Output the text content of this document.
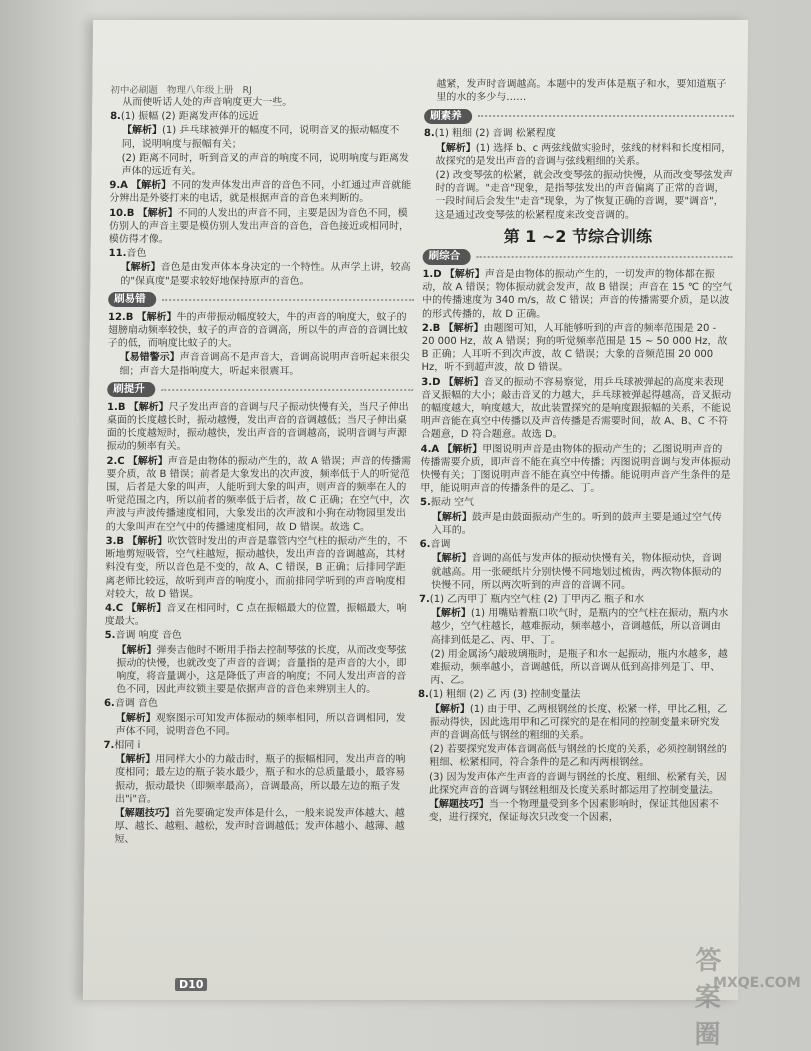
初中必刷题 物理八年级上册 RJ
从而使听话人处的声音响度更大一些。
8.(1) 振幅 (2) 距离发声体的远近
【解析】(1) 乒乓球被弹开的幅度不同，说明音叉的振动幅度不同，说明响度与振幅有关；
(2) 距离不同时，听到音叉的声音的响度不同，说明响度与距离发声体的远近有关。
9.A 【解析】不同的发声体发出声音的音色不同，小红通过声音就能分辨出是外婆打来的电话，就是根据声音的音色来判断的。
10.B 【解析】不同的人发出的声音不同，主要是因为音色不同，模仿别人的声音主要是模仿别人发出声音的音色，音色接近或相同时，模仿得才像。
11.音色
【解析】音色是由发声体本身决定的一个特性。从声学上讲，较高的"保真度"是要求较好地保持原声的音色。
刷易错
12.B 【解析】牛的声带振动幅度较大，牛的声音的响度大，蚊子的翅膀扇动频率较快，蚊子的声音的音调高，所以牛的声音的音调比蚊子的低，而响度比蚊子的大。
【易错警示】声音音调高不是声音大，音调高说明声音听起来很尖细；声音大是指响度大，听起来很震耳。
刷提升
1.B 【解析】尺子发出声音的音调与尺子振动快慢有关，当尺子伸出桌面的长度越长时，振动越慢，发出声音的音调越低；当尺子伸出桌面的长度越短时，振动越快，发出声音的音调越高，说明音调与声源振动的频率有关。
2.C 【解析】声音是由物体的振动产生的，故 A 错误；声音的传播需要介质，故 B 错误；前者是大象发出的次声波，频率低于人的听觉范围，后者是大象的叫声，人能听到大象的叫声，则声音的频率在人的听觉范围之内，所以前者的频率低于后者，故 C 正确；在空气中，次声波与声波传播速度相同，大象发出的次声波和小狗在动物园里发出的大象叫声在空气中的传播速度相同，故 D 错误。故选 C。
3.B 【解析】吹饮管时发出的声音是靠管内空气柱的振动产生的，不断地剪短吸管，空气柱越短，振动越快，发出声音的音调越高，其材料没有变，所以音色是不变的，故 A、C 错误，B 正确；后排同学距离老师比较远，故听到声音的响度小，而前排同学听到的声音响度相对较大，故 D 错误。
4.C 【解析】音叉在相同时，C 点在振幅最大的位置，振幅最大，响度最大。
5.音调 响度 音色
【解析】弹奏吉他时不断用手指去控制琴弦的长度，从而改变琴弦振动的快慢，也就改变了声音的音调；音量指的是声音的大小，即响度，将音量调小，这是降低了声音的响度；不同人发出声音的音色不同，因此声纹锁主要是依据声音的音色来辨别主人的。
6.音调 音色
【解析】观察图示可知发声体振动的频率相同，所以音调相同，发声体不同，说明音色不同。
7.相同 i
【解析】用同样大小的力敲击时，瓶子的振幅相同，发出声音的响度相同；最左边的瓶子装水最少，瓶子和水的总质量最小，最容易振动，振动最快（即频率最高），音调最高，所以最左边的瓶子发出"i"音。
【解题技巧】首先要确定发声体是什么，一般来说发声体越大、越厚、越长、越粗、越松，发声时音调越低；发声体越小、越薄、越短、
越紧，发声时音调越高。本题中的发声体是瓶子和水，要知道瓶子里的水的多少与……
刷素养
8.(1) 粗细 (2) 音调 松紧程度
【解析】(1) 选择 b、c 两弦线做实验时，弦线的材料和长度相同，故探究的是发出声音的音调与弦线粗细的关系。
(2) 改变琴弦的松紧，就会改变琴弦的振动快慢，从而改变琴弦发声时的音调。"走音"现象，是指琴弦发出的声音偏离了正常的音调，一段时间后会发生"走音"现象，为了恢复正确的音调，要"调音"，这是通过改变琴弦的松紧程度来改变音调的。
第 1 ~2 节综合训练
刷综合
1.D 【解析】声音是由物体的振动产生的，一切发声的物体都在振动，故 A 错误；物体振动就会发声，故 B 错误；声音在 15 ℃ 的空气中的传播速度为 340 m/s，故 C 错误；声音的传播需要介质，是以波的形式传播的，故 D 正确。
2.B 【解析】由题图可知，人耳能够听到的声音的频率范围是 20 - 20 000 Hz，故 A 错误；狗的听觉频率范围是 15 ~ 50 000 Hz，故 B 正确；人耳听不到次声波，故 C 错误；大象的音频范围 20 000 Hz，听不到超声波，故 D 错误。
3.D 【解析】音叉的振动不容易察觉，用乒乓球被弹起的高度来表现音叉振幅的大小；敲击音叉的力越大，乒乓球被弹起得越高，音叉振动的幅度越大，响度越大，故此装置探究的是响度跟振幅的关系，不能说明声音能在真空中传播以及声音传播是否需要时间，故 A、B、C 不符合题意，D 符合题意。故选 D。
4.A 【解析】甲图说明声音是由物体的振动产生的；乙图说明声音的传播需要介质，即声音不能在真空中传播；丙图说明音调与发声体振动快慢有关；丁图说明声音不能在真空中传播。能说明声音产生条件的是甲，能说明声音的传播条件的是乙、丁。
5.振动 空气
【解析】鼓声是由鼓面振动产生的。听到的鼓声主要是通过空气传入耳的。
6.音调
【解析】音调的高低与发声体的振动快慢有关，物体振动快，音调就越高。用一张硬纸片分别快慢不同地划过梳齿，两次物体振动的快慢不同，所以两次听到的声音的音调不同。
7.(1) 乙丙甲丁 瓶内空气柱 (2) 丁甲丙乙 瓶子和水
【解析】(1) 用嘴贴着瓶口吹气时，是瓶内的空气柱在振动，瓶内水越少，空气柱越长，越难振动，频率越小，音调越低，所以音调由高排到低是乙、丙、甲、丁。
(2) 用金属汤勺敲玻璃瓶时，是瓶子和水一起振动，瓶内水越多，越难振动，频率越小，音调越低，所以音调从低到高排列是丁、甲、丙、乙。
8.(1) 粗细 (2) 乙 丙 (3) 控制变量法
【解析】(1) 由于甲、乙两根钢丝的长度、松紧一样，甲比乙粗，乙振动得快，因此选用甲和乙可探究的是在相同的控制变量来研究发声的音调高低与钢丝的粗细的关系。
(2) 若要探究发声体音调高低与钢丝的长度的关系，必须控制钢丝的粗细、松紧相同，符合条件的是乙和丙两根钢丝。
(3) 因为发声体产生声音的音调与钢丝的长度、粗细、松紧有关，因此探究声音的音调与钢丝粗细及长度关系时都运用了控制变量法。
【解题技巧】当一个物理量受到多个因素影响时，保证其他因素不变，进行探究，保证每次只改变一个因素，
D10
答案圈
MXQE.COM
